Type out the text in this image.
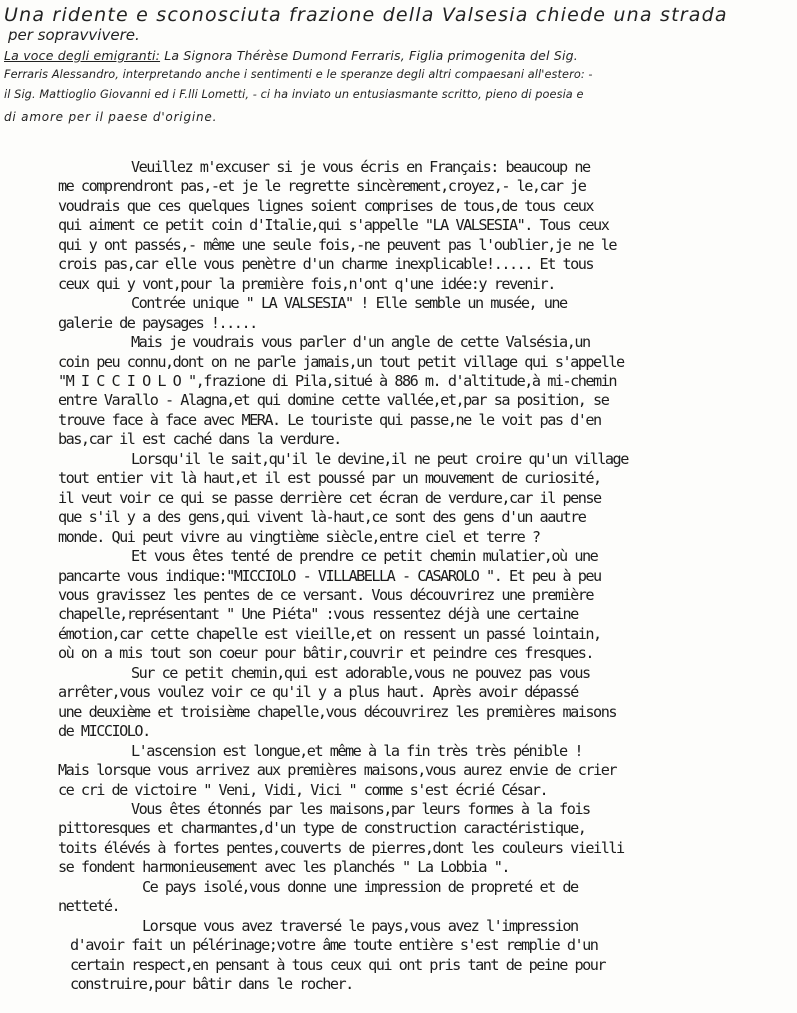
Una ridente e sconosciuta frazione della Valsesia chiede una strada
per sopravvivere.
La voce degli emigranti: La Signora Thérèse Dumond Ferraris, Figlia primogenita del Sig.
Ferraris Alessandro, interpretando anche i sentimenti e le speranze degli altri compaesani all'estero: -
il Sig. Mattioglio Giovanni ed i F.lli Lometti, - ci ha inviato un entusiasmante scritto, pieno di poesia e
di amore per il paese d'origine.
Veuillez m'excuser si je vous écris en Français: beaucoup ne
me comprendront pas,-et je le regrette sincèrement,croyez,- le,car je
voudrais que ces quelques lignes soient comprises de tous,de tous ceux
qui aiment ce petit coin d'Italie,qui s'appelle "LA VALSESIA". Tous ceux
qui y ont passés,- même une seule fois,-ne peuvent pas l'oublier,je ne le
crois pas,car elle vous penètre d'un charme inexplicable!..... Et tous
ceux qui y vont,pour la première fois,n'ont q'une idée:y revenir.
Contrée unique " LA VALSESIA" ! Elle semble un musée, une
galerie de paysages !.....
Mais je voudrais vous parler d'un angle de cette Valsésia,un
coin peu connu,dont on ne parle jamais,un tout petit village qui s'appelle
"M I C C I O L O ",frazione di Pila,situé à 886 m. d'altitude,à mi-chemin
entre Varallo - Alagna,et qui domine cette vallée,et,par sa position, se
trouve face à face avec MERA. Le touriste qui passe,ne le voit pas d'en
bas,car il est caché dans la verdure.
Lorsqu'il le sait,qu'il le devine,il ne peut croire qu'un village
tout entier vit là haut,et il est poussé par un mouvement de curiosité,
il veut voir ce qui se passe derrière cet écran de verdure,car il pense
que s'il y a des gens,qui vivent là-haut,ce sont des gens d'un aautre
monde. Qui peut vivre au vingtième siècle,entre ciel et terre ?
Et vous êtes tenté de prendre ce petit chemin mulatier,où une
pancarte vous indique:"MICCIOLO - VILLABELLA - CASAROLO ". Et peu à peu
vous gravissez les pentes de ce versant. Vous découvrirez une première
chapelle,représentant " Une Piéta" :vous ressentez déjà une certaine
émotion,car cette chapelle est vieille,et on ressent un passé lointain,
où on a mis tout son coeur pour bâtir,couvrir et peindre ces fresques.
Sur ce petit chemin,qui est adorable,vous ne pouvez pas vous
arrêter,vous voulez voir ce qu'il y a plus haut. Après avoir dépassé
une deuxième et troisième chapelle,vous découvrirez les premières maisons
de MICCIOLO.
L'ascension est longue,et même à la fin très très pénible !
Mais lorsque vous arrivez aux premières maisons,vous aurez envie de crier
ce cri de victoire " Veni, Vidi, Vici " comme s'est écrié César.
Vous êtes étonnés par les maisons,par leurs formes à la fois
pittoresques et charmantes,d'un type de construction caractéristique,
toits élévés à fortes pentes,couverts de pierres,dont les couleurs vieilli
se fondent harmonieusement avec les planchés " La Lobbia ".
Ce pays isolé,vous donne une impression de propreté et de
netteté.
Lorsque vous avez traversé le pays,vous avez l'impression
d'avoir fait un pélérinage;votre âme toute entière s'est remplie d'un
certain respect,en pensant à tous ceux qui ont pris tant de peine pour
construire,pour bâtir dans le rocher.
